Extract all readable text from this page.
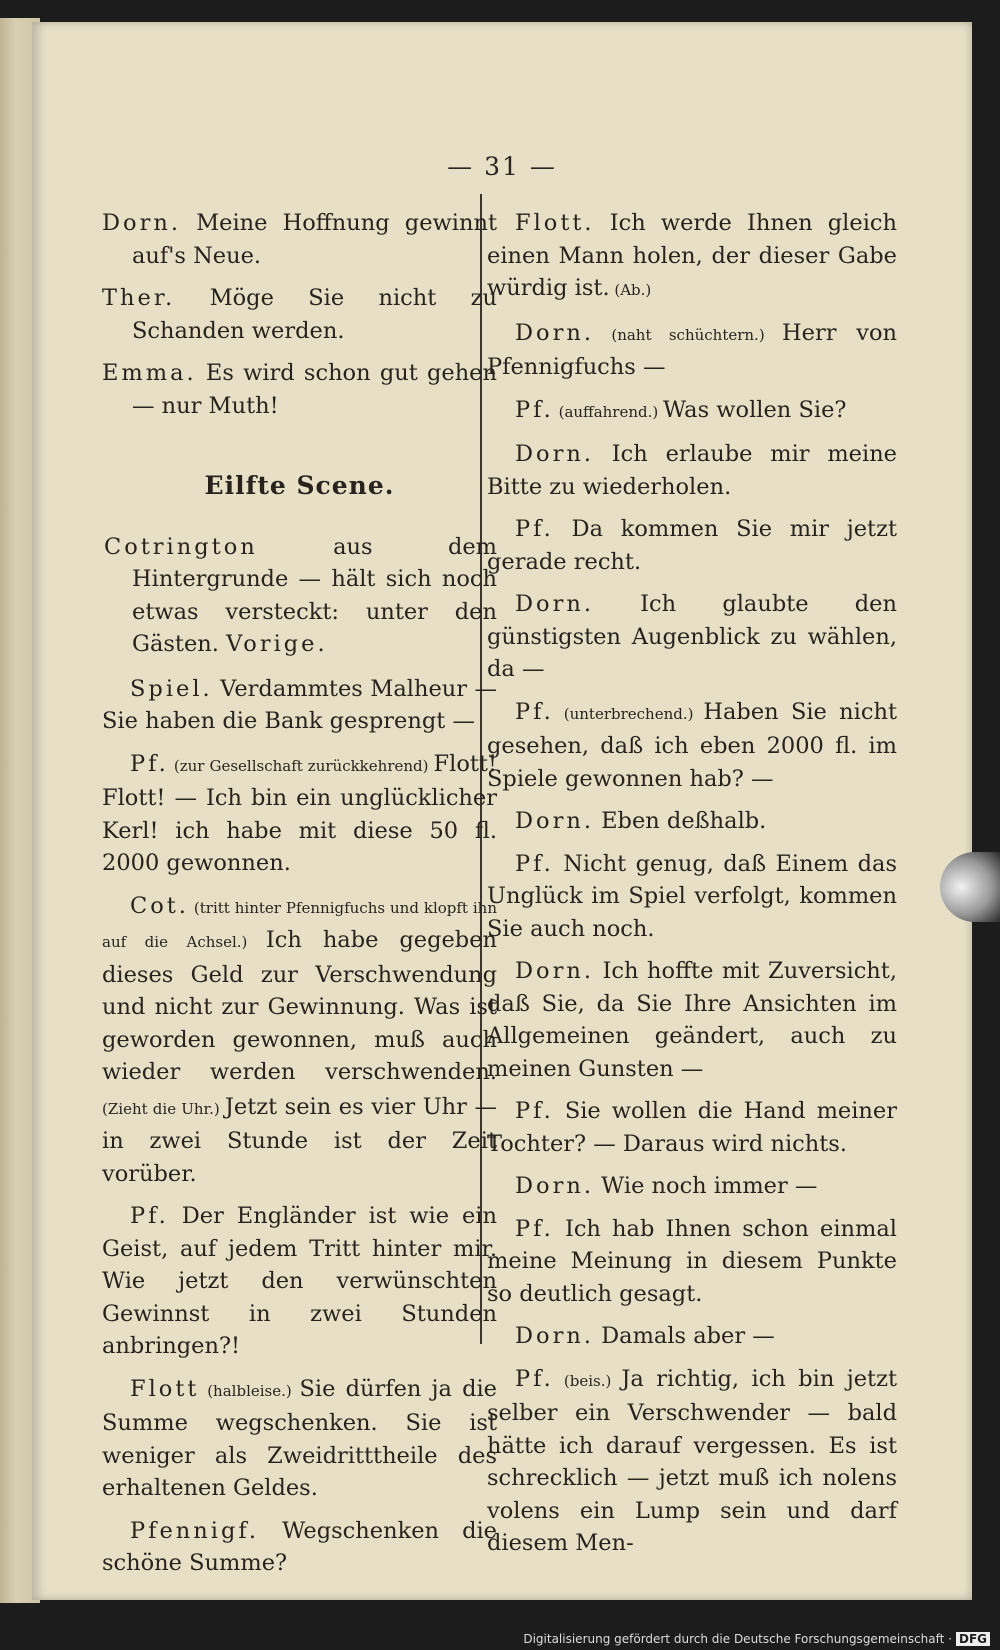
— 31 —

Dorn. Meine Hoffnung gewinnt auf's Neue.

Ther. Möge Sie nicht zu Schanden werden.

Emma. Es wird schon gut gehen — nur Muth!

Eilfte Scene.

Cotrington aus dem Hintergrunde — hält sich noch etwas versteckt: unter den Gästen. Vorige.

Spiel. Verdammtes Malheur — Sie haben die Bank gesprengt —

Pf. (zur Gesellschaft zurückkehrend) Flott! Flott! — Ich bin ein unglücklicher Kerl! ich habe mit diese 50 fl. 2000 gewonnen.

Cot. (tritt hinter Pfennigfuchs und klopft ihn auf die Achsel.) Ich habe gegeben dieses Geld zur Verschwendung und nicht zur Gewinnung. Was ist geworden gewonnen, muß auch wieder werden verschwenden. (Zieht die Uhr.) Jetzt sein es vier Uhr — in zwei Stunde ist der Zeit vorüber.

Pf. Der Engländer ist wie ein Geist, auf jedem Tritt hinter mir. Wie jetzt den verwünschten Gewinnst in zwei Stunden anbringen?!

Flott (halbleise.) Sie dürfen ja die Summe wegschenken. Sie ist weniger als Zweidritttheile des erhaltenen Geldes.

Pfennigf. Wegschenken die schöne Summe?

Flott. Ich werde Ihnen gleich einen Mann holen, der dieser Gabe würdig ist. (Ab.)

Dorn. (naht schüchtern.) Herr von Pfennigfuchs —

Pf. (auffahrend.) Was wollen Sie?

Dorn. Ich erlaube mir meine Bitte zu wiederholen.

Pf. Da kommen Sie mir jetzt gerade recht.

Dorn. Ich glaubte den günstigsten Augenblick zu wählen, da —

Pf. (unterbrechend.) Haben Sie nicht gesehen, daß ich eben 2000 fl. im Spiele gewonnen hab? —

Dorn. Eben deßhalb.

Pf. Nicht genug, daß Einem das Unglück im Spiel verfolgt, kommen Sie auch noch.

Dorn. Ich hoffte mit Zuversicht, daß Sie, da Sie Ihre Ansichten im Allgemeinen geändert, auch zu meinen Gunsten —

Pf. Sie wollen die Hand meiner Tochter? — Daraus wird nichts.

Dorn. Wie noch immer —

Pf. Ich hab Ihnen schon einmal meine Meinung in diesem Punkte so deutlich gesagt.

Dorn. Damals aber —

Pf. (beis.) Ja richtig, ich bin jetzt selber ein Verschwender — bald hätte ich darauf vergessen. Es ist schrecklich — jetzt muß ich nolens volens ein Lump sein und darf diesem Men-

Digitalisierung gefördert durch die Deutsche Forschungsgemeinschaft · DFG
